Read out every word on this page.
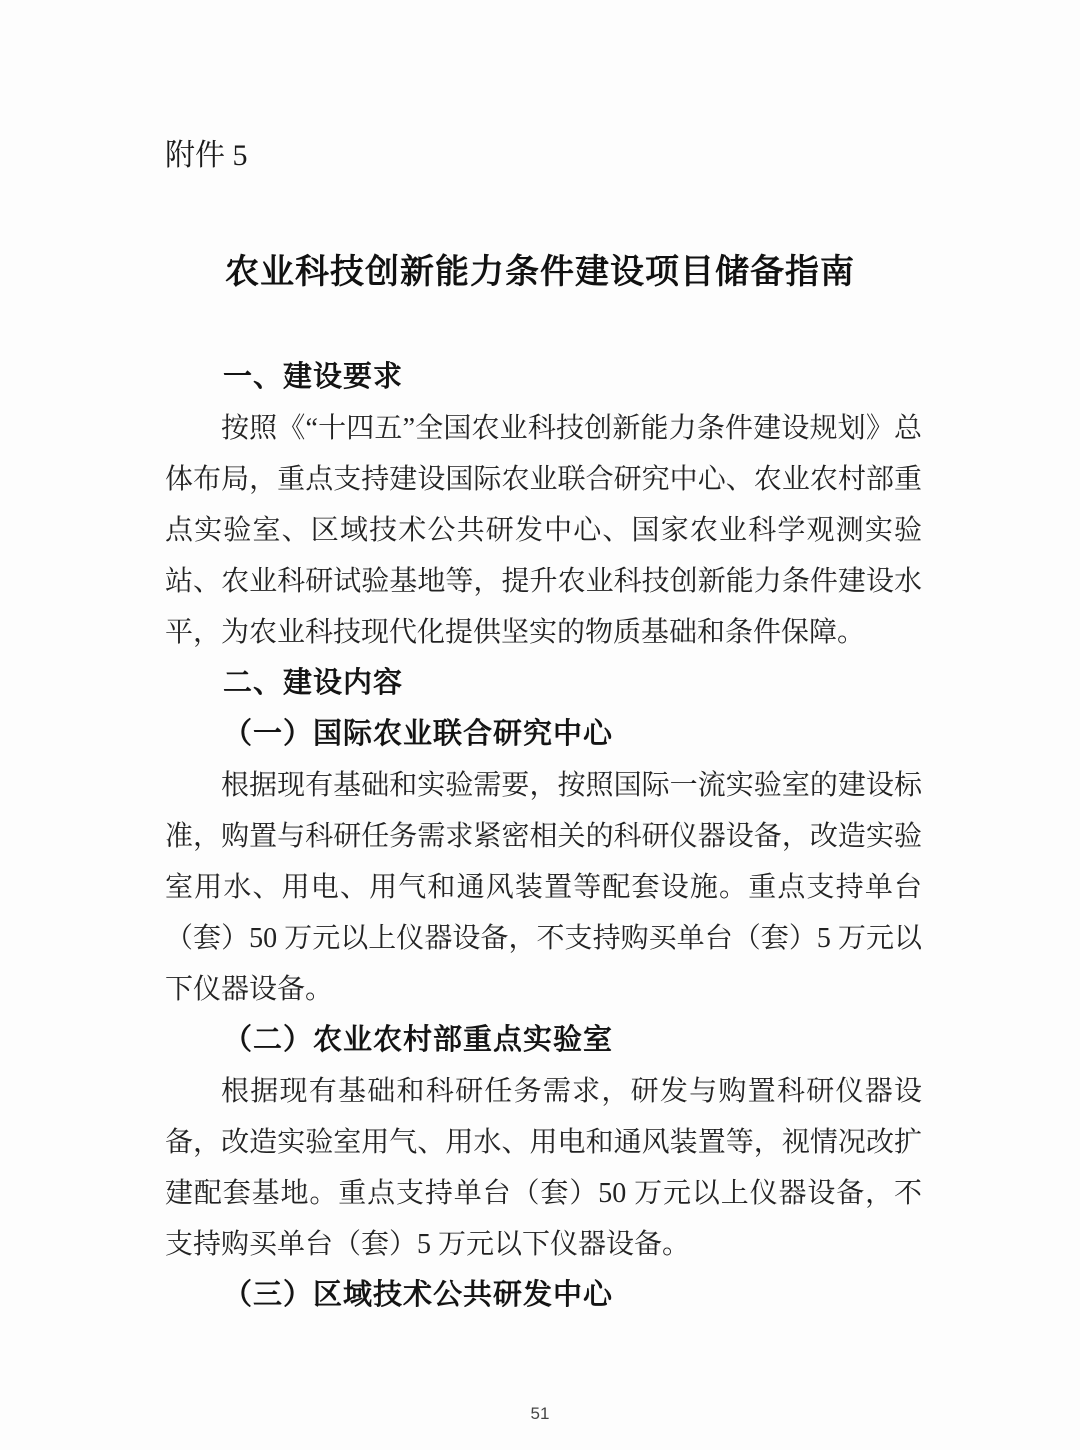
附件 5
农业科技创新能力条件建设项目储备指南
一、建设要求

按照《“十四五”全国农业科技创新能力条件建设规划》总体布局，重点支持建设国际农业联合研究中心、农业农村部重点实验室、区域技术公共研发中心、国家农业科学观测实验站、农业科研试验基地等，提升农业科技创新能力条件建设水平，为农业科技现代化提供坚实的物质基础和条件保障。

二、建设内容
（一）国际农业联合研究中心

根据现有基础和实验需要，按照国际一流实验室的建设标准，购置与科研任务需求紧密相关的科研仪器设备，改造实验室用水、用电、用气和通风装置等配套设施。重点支持单台（套）50 万元以上仪器设备，不支持购买单台（套）5 万元以下仪器设备。

（二）农业农村部重点实验室

根据现有基础和科研任务需求，研发与购置科研仪器设备，改造实验室用气、用水、用电和通风装置等，视情况改扩建配套基地。重点支持单台（套）50 万元以上仪器设备，不支持购买单台（套）5 万元以下仪器设备。

（三）区域技术公共研发中心
51
